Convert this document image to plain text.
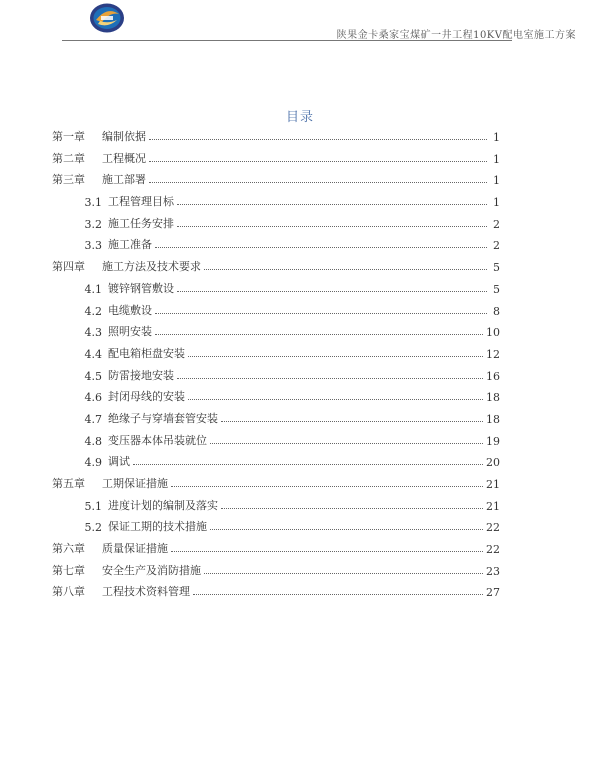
陕果金卡桑家宝煤矿一井工程10KV配电室施工方案
目录
第一章	编制依据	1
第二章	工程概况	1
第三章	施工部署	1
3.1 工程管理目标	1
3.2 施工任务安排	2
3.3 施工准备	2
第四章	施工方法及技术要求	5
4.1 镀锌钢管敷设	5
4.2 电缆敷设	8
4.3 照明安装	10
4.4 配电箱柜盘安装	12
4.5 防雷接地安装	16
4.6 封闭母线的安装	18
4.7 绝缘子与穿墙套管安装	18
4.8 变压器本体吊装就位	19
4.9 调试	20
第五章	工期保证措施	21
5.1 进度计划的编制及落实	21
5.2 保证工期的技术措施	22
第六章	质量保证措施	22
第七章	安全生产及消防措施	23
第八章	工程技术资料管理	27
